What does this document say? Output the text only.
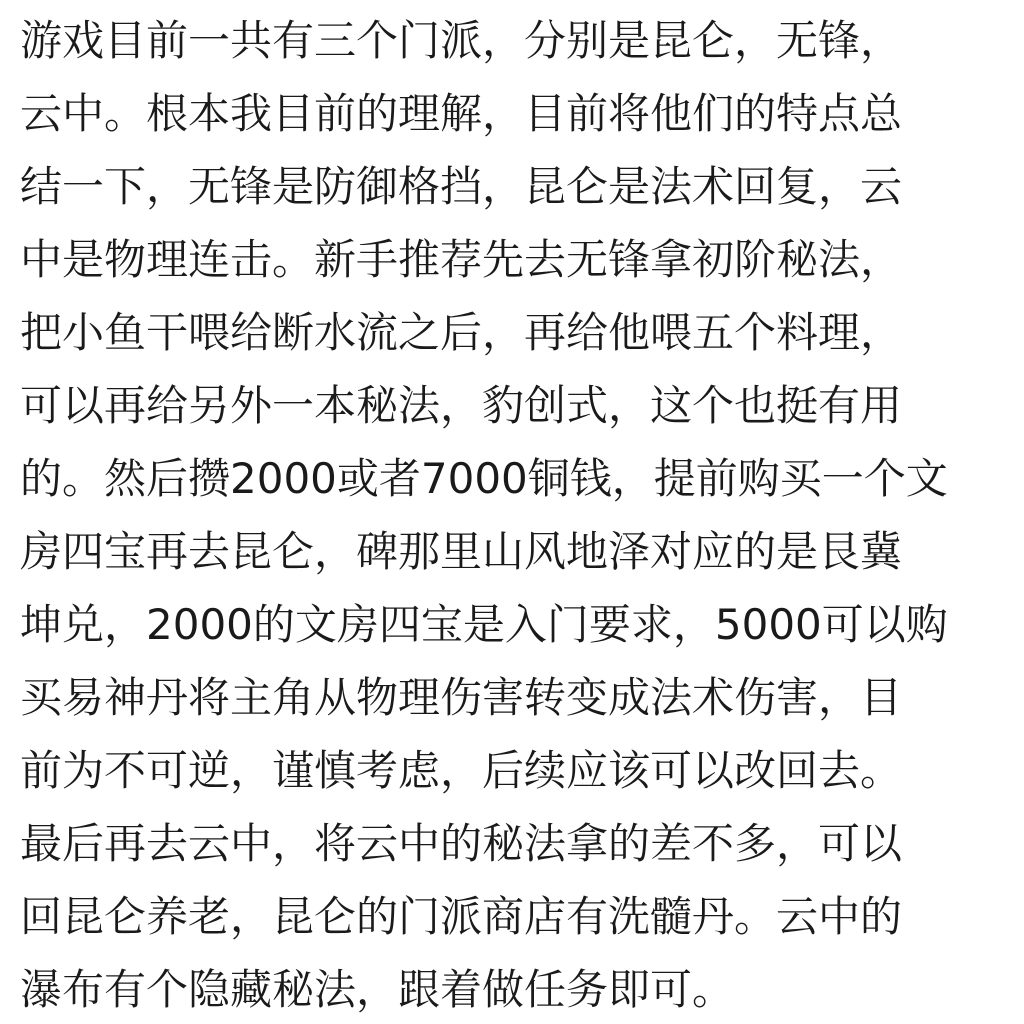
游戏目前一共有三个门派，分别是昆仑，无锋，
云中。根本我目前的理解，目前将他们的特点总
结一下，无锋是防御格挡，昆仑是法术回复，云
中是物理连击。新手推荐先去无锋拿初阶秘法，
把小鱼干喂给断水流之后，再给他喂五个料理，
可以再给另外一本秘法，豹创式，这个也挺有用
的。然后攒2000或者7000铜钱，提前购买一个文
房四宝再去昆仑，碑那里山风地泽对应的是艮冀
坤兑，2000的文房四宝是入门要求，5000可以购
买易神丹将主角从物理伤害转变成法术伤害，目
前为不可逆，谨慎考虑，后续应该可以改回去。
最后再去云中，将云中的秘法拿的差不多，可以
回昆仑养老，昆仑的门派商店有洗髓丹。云中的
瀑布有个隐藏秘法，跟着做任务即可。
